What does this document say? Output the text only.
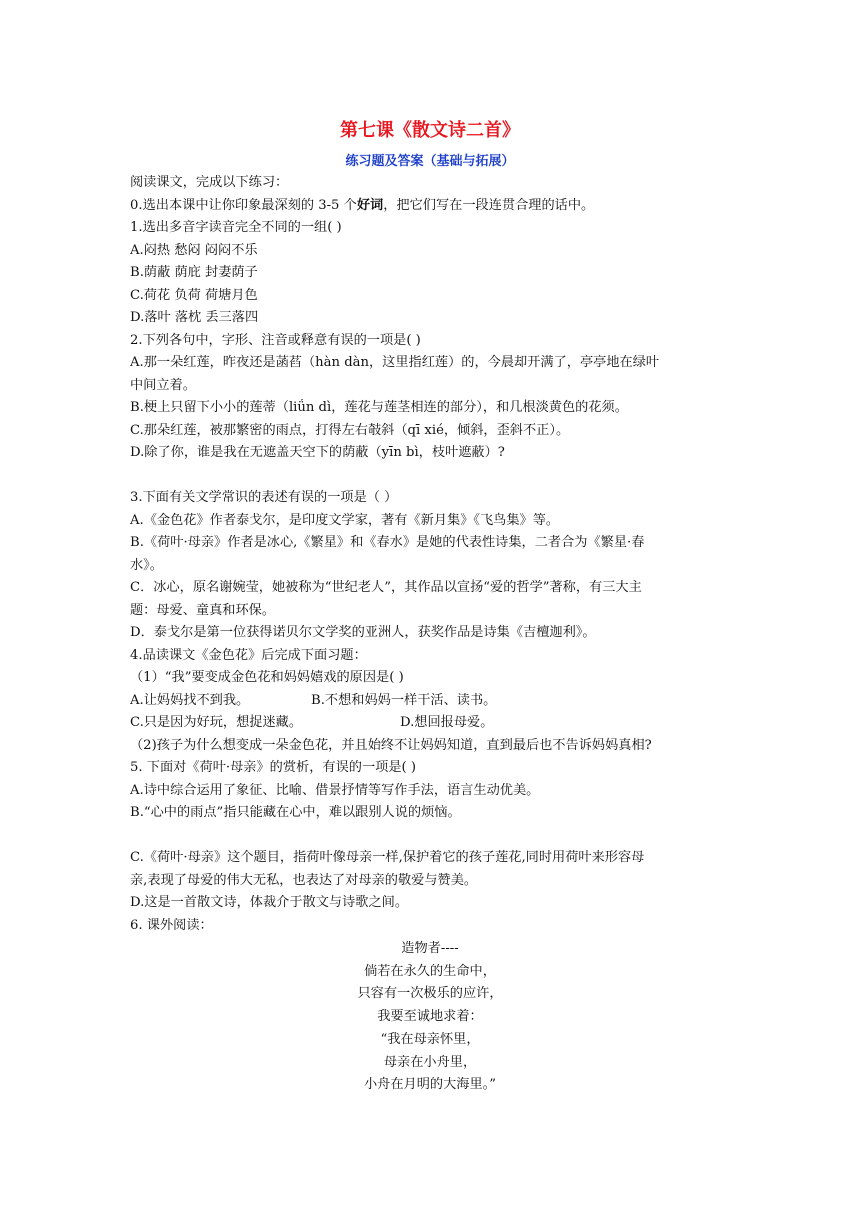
第七课《散文诗二首》
练习题及答案（基础与拓展）
阅读课文，完成以下练习：
0.选出本课中让你印象最深刻的 3-5 个好词，把它们写在一段连贯合理的话中。
1.选出多音字读音完全不同的一组( )
A.闷热 愁闷 闷闷不乐
B.荫蔽 荫庇 封妻荫子
C.荷花 负荷 荷塘月色
D.落叶 落枕 丢三落四
2.下列各句中，字形、注音或释意有误的一项是( )
A.那一朵红莲，昨夜还是菡萏（hàn dàn，这里指红莲）的，今晨却开满了，亭亭地在绿叶
中间立着。
B.梗上只留下小小的莲蒂（liǘn dì，莲花与莲茎相连的部分），和几根淡黄色的花须。
C.那朵红莲，被那繁密的雨点，打得左右攲斜（qī xié，倾斜，歪斜不正）。
D.除了你，谁是我在无遮盖天空下的荫蔽（yīn bì，枝叶遮蔽）?
3.下面有关文学常识的表述有误的一项是（ ）
A.《金色花》作者泰戈尔，是印度文学家，著有《新月集》《飞鸟集》等。
B.《荷叶·母亲》作者是冰心,《繁星》和《春水》是她的代表性诗集，二者合为《繁星·春
水》。
C．冰心，原名谢婉莹，她被称为“世纪老人”，其作品以宣扬“爱的哲学”著称，有三大主
题：母爱、童真和环保。
D．泰戈尔是第一位获得诺贝尔文学奖的亚洲人，获奖作品是诗集《吉檀迦利》。
4.品读课文《金色花》后完成下面习题：
（1）“我”要变成金色花和妈妈嬉戏的原因是( )
A.让妈妈找不到我。	B.不想和妈妈一样干活、读书。
C.只是因为好玩，想捉迷藏。	D.想回报母爱。
（2)孩子为什么想变成一朵金色花，并且始终不让妈妈知道，直到最后也不告诉妈妈真相?
5. 下面对《荷叶·母亲》的赏析，有误的一项是( )
A.诗中综合运用了象征、比喻、借景抒情等写作手法，语言生动优美。
B.“心中的雨点”指只能藏在心中，难以跟别人说的烦恼。
C.《荷叶·母亲》这个题目，指荷叶像母亲一样,保护着它的孩子莲花,同时用荷叶来形容母
亲,表现了母爱的伟大无私，也表达了对母亲的敬爱与赞美。
D.这是一首散文诗，体裁介于散文与诗歌之间。
6. 课外阅读：
造物者----
倘若在永久的生命中，
只容有一次极乐的应许，
我要至诚地求着：
“我在母亲怀里，
母亲在小舟里，
小舟在月明的大海里。”
